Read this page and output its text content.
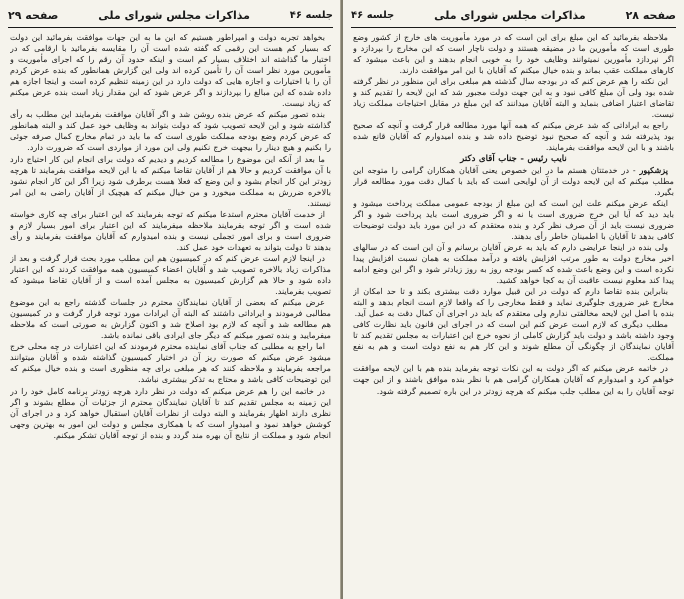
جلسه ۴۶
مذاکرات مجلس شورای ملی
صفحه ۲۹

بخواهد تجربه دولت و امپراطور هستیم که این ما به این جهات موافقت بفرمائید این دولت که بسیار کم هست این رقمی که گفته شده است آن را مقایسه بفرمائید با ارقامی که در اختیار ما گذاشته اند اختلاف بسیار کم است و اینکه حدود آن رقم را که اجرای مأموریت و مأمورین مورد نظر است آن را تأمین کرده اند ولی این گزارش همانطور که بنده عرض کردم آن را با اختیارات و اجازه هایی که دولت دارد در این زمینه تنظیم کرده است و اینجا اجازه هم داده شده که این مبالغ را بپردازند و اگر عرض شود که این مقدار زیاد است بنده عرض میکنم که زیاد نیست.

بنده تصور میکنم که عرض بنده روشن شد و اگر آقایان موافقت بفرمایند این مطلب به رأی گذاشته شود و این لایحه تصویب شود که دولت بتواند به وظایف خود عمل کند و البته همانطور که عرض کردم وضع بودجه مملکت طوری است که ما باید در تمام مخارج کمال صرفه جوئی را بکنیم و هیچ دینار را بیجهت خرج نکنیم ولی این مورد از مواردی است که ضرورت دارد.

ما بعد از آنکه این موضوع را مطالعه کردیم و دیدیم که دولت برای انجام این کار احتیاج دارد با آن موافقت کردیم و حالا هم از آقایان تقاضا میکنم که با این لایحه موافقت بفرمایند تا هرچه زودتر این کار انجام بشود و این وضع که فعلا هست برطرف شود زیرا اگر این کار انجام نشود بالاخره ضررش به مملکت میخورد و من خیال میکنم که هیچیک از آقایان راضی به این امر نیستند.

از خدمت آقایان محترم استدعا میکنم که توجه بفرمایند که این اعتبار برای چه کاری خواسته شده است و اگر توجه بفرمایند ملاحظه میفرمایند که این اعتبار برای امور بسیار لازم و ضروری است و برای امور تجملی نیست و بنده امیدوارم که آقایان موافقت بفرمایند و رأی بدهند تا دولت بتواند به تعهدات خود عمل کند.

در اینجا لازم است عرض کنم که در کمیسیون هم این مطلب مورد بحث قرار گرفت و بعد از مذاکرات زیاد بالاخره تصویب شد و آقایان اعضاء کمیسیون همه موافقت کردند که این اعتبار داده شود و حالا هم گزارش کمیسیون به مجلس آمده است و از آقایان تقاضا میشود که تصویب بفرمایند.

عرض میکنم که بعضی از آقایان نمایندگان محترم در جلسات گذشته راجع به این موضوع مطالبی فرمودند و ایراداتی داشتند که البته آن ایرادات مورد توجه قرار گرفت و در کمیسیون هم مطالعه شد و آنچه که لازم بود اصلاح شد و اکنون گزارش به صورتی است که ملاحظه میفرمایید و بنده تصور میکنم که دیگر جای ایرادی باقی نمانده باشد.

اما راجع به مطلبی که جناب آقای نماینده محترم فرمودند که این اعتبارات در چه محلی خرج میشود عرض میکنم که صورت ریز آن در اختیار کمیسیون گذاشته شده و آقایان میتوانند مراجعه بفرمایند و ملاحظه کنند که هر مبلغی برای چه منظوری است و بنده خیال میکنم که این توضیحات کافی باشد و محتاج به تذکر بیشتری نباشد.

در خاتمه این را هم عرض میکنم که دولت در نظر دارد هرچه زودتر برنامه کامل خود را در این زمینه به مجلس تقدیم کند تا آقایان نمایندگان محترم از جزئیات آن مطلع بشوند و اگر نظری دارند اظهار بفرمایند و البته دولت از نظرات آقایان استقبال خواهد کرد و در اجرای آن کوشش خواهد نمود و امیدوار است که با همکاری مجلس و دولت این امور به بهترین وجهی انجام شود و مملکت از نتایج آن بهره مند گردد و بنده از توجه آقایان تشکر میکنم.

صفحه ۲۸
مذاکرات مجلس شورای ملی
جلسه ۴۶

ملاحظه بفرمائید که این مبلغ برای این است که در مورد مأموریت های خارج از کشور وضع طوری است که مأمورین ما در مضیقه هستند و دولت ناچار است که این مخارج را بپردازد و اگر نپردازد مأمورین نمیتوانند وظایف خود را به خوبی انجام بدهند و این باعث میشود که کارهای مملکت عقب بماند و بنده خیال میکنم که آقایان با این امر موافقت دارند.

این نکته را هم عرض کنم که در بودجه سال گذشته هم مبلغی برای این منظور در نظر گرفته شده بود ولی آن مبلغ کافی نبود و به این جهت دولت مجبور شد که این لایحه را تقدیم کند و تقاضای اعتبار اضافی بنماید و البته آقایان میدانند که این مبلغ در مقابل احتیاجات مملکت زیاد نیست.

راجع به ایراداتی که شد عرض میکنم که همه آنها مورد مطالعه قرار گرفت و آنچه که صحیح بود پذیرفته شد و آنچه که صحیح نبود توضیح داده شد و بنده امیدوارم که آقایان قانع شده باشند و با این لایحه موافقت بفرمایند.

نایب رئیس - جناب آقای دکتر

پزشکپور - در خدمتتان هستم ما در این خصوص یعنی آقایان همکاران گرامی را متوجه این مطلب میکنم که این لایحه دولت از آن لوایحی است که باید با کمال دقت مورد مطالعه قرار بگیرد.

اینکه عرض میکنم علت این است که این مبلغ از بودجه عمومی مملکت پرداخت میشود و باید دید که آیا این خرج ضروری است یا نه و اگر ضروری است باید پرداخت شود و اگر ضروری نیست باید از آن صرف نظر کرد و بنده معتقدم که در این مورد باید دولت توضیحات کافی بدهد تا آقایان با اطمینان خاطر رأی بدهند.

ولی بنده در اینجا عرایضی دارم که باید به عرض آقایان برسانم و آن این است که در سالهای اخیر مخارج دولت به طور مرتب افزایش یافته و درآمد مملکت به همان نسبت افزایش پیدا نکرده است و این وضع باعث شده که کسر بودجه روز به روز زیادتر شود و اگر این وضع ادامه پیدا کند معلوم نیست عاقبت آن به کجا خواهد کشید.

بنابراین بنده تقاضا دارم که دولت در این قبیل موارد دقت بیشتری بکند و تا حد امکان از مخارج غیر ضروری جلوگیری نماید و فقط مخارجی را که واقعا لازم است انجام بدهد و البته بنده با اصل این لایحه مخالفتی ندارم ولی معتقدم که باید در اجرای آن کمال دقت به عمل آید.

مطلب دیگری که لازم است عرض کنم این است که در اجرای این قانون باید نظارت کافی وجود داشته باشد و دولت باید گزارش کاملی از نحوه خرج این اعتبارات به مجلس تقدیم کند تا آقایان نمایندگان از چگونگی آن مطلع شوند و این کار هم به نفع دولت است و هم به نفع مملکت.

در خاتمه عرض میکنم که اگر دولت به این نکات توجه بفرماید بنده هم با این لایحه موافقت خواهم کرد و امیدوارم که آقایان همکاران گرامی هم با نظر بنده موافق باشند و از این جهت توجه آقایان را به این مطلب جلب میکنم که هرچه زودتر در این باره تصمیم گرفته شود.
